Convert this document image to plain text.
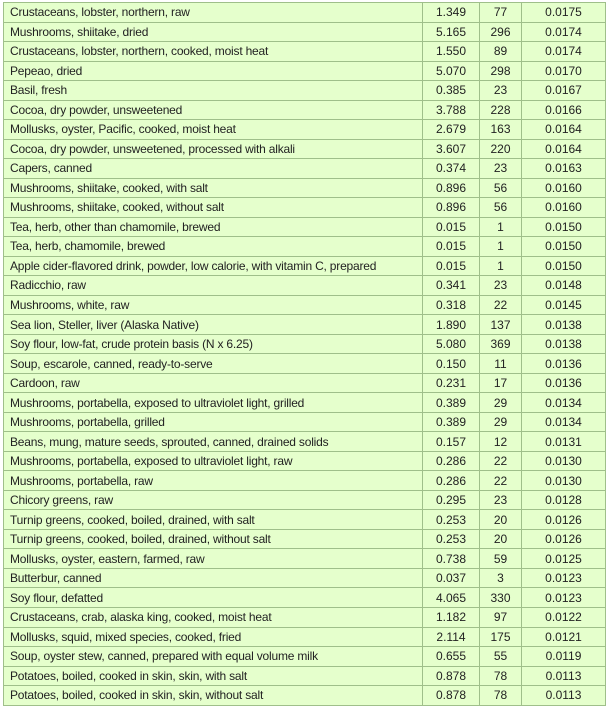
Crustaceans, lobster, northern, raw	1.349	77	0.0175
Mushrooms, shiitake, dried	5.165	296	0.0174
Crustaceans, lobster, northern, cooked, moist heat	1.550	89	0.0174
Pepeao, dried	5.070	298	0.0170
Basil, fresh	0.385	23	0.0167
Cocoa, dry powder, unsweetened	3.788	228	0.0166
Mollusks, oyster, Pacific, cooked, moist heat	2.679	163	0.0164
Cocoa, dry powder, unsweetened, processed with alkali	3.607	220	0.0164
Capers, canned	0.374	23	0.0163
Mushrooms, shiitake, cooked, with salt	0.896	56	0.0160
Mushrooms, shiitake, cooked, without salt	0.896	56	0.0160
Tea, herb, other than chamomile, brewed	0.015	1	0.0150
Tea, herb, chamomile, brewed	0.015	1	0.0150
Apple cider-flavored drink, powder, low calorie, with vitamin C, prepared	0.015	1	0.0150
Radicchio, raw	0.341	23	0.0148
Mushrooms, white, raw	0.318	22	0.0145
Sea lion, Steller, liver (Alaska Native)	1.890	137	0.0138
Soy flour, low-fat, crude protein basis (N x 6.25)	5.080	369	0.0138
Soup, escarole, canned, ready-to-serve	0.150	11	0.0136
Cardoon, raw	0.231	17	0.0136
Mushrooms, portabella, exposed to ultraviolet light, grilled	0.389	29	0.0134
Mushrooms, portabella, grilled	0.389	29	0.0134
Beans, mung, mature seeds, sprouted, canned, drained solids	0.157	12	0.0131
Mushrooms, portabella, exposed to ultraviolet light, raw	0.286	22	0.0130
Mushrooms, portabella, raw	0.286	22	0.0130
Chicory greens, raw	0.295	23	0.0128
Turnip greens, cooked, boiled, drained, with salt	0.253	20	0.0126
Turnip greens, cooked, boiled, drained, without salt	0.253	20	0.0126
Mollusks, oyster, eastern, farmed, raw	0.738	59	0.0125
Butterbur, canned	0.037	3	0.0123
Soy flour, defatted	4.065	330	0.0123
Crustaceans, crab, alaska king, cooked, moist heat	1.182	97	0.0122
Mollusks, squid, mixed species, cooked, fried	2.114	175	0.0121
Soup, oyster stew, canned, prepared with equal volume milk	0.655	55	0.0119
Potatoes, boiled, cooked in skin, skin, with salt	0.878	78	0.0113
Potatoes, boiled, cooked in skin, skin, without salt	0.878	78	0.0113
